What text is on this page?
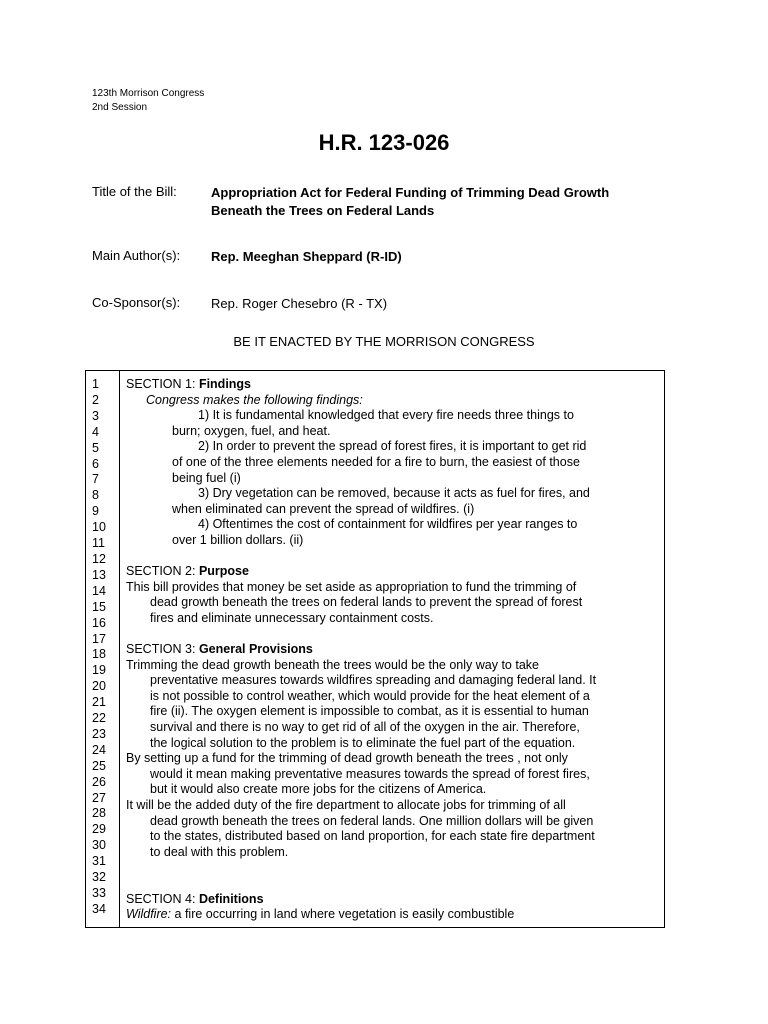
123th Morrison Congress
2nd Session
H.R. 123-026
Title of the Bill:	Appropriation Act for Federal Funding of Trimming Dead Growth
Beneath the Trees on Federal Lands
Main Author(s): Rep. Meeghan Sheppard (R-ID)
Co-Sponsor(s): Rep. Roger Chesebro (R - TX)
BE IT ENACTED BY THE MORRISON CONGRESS
1
2
3
4
5
6
7
8
9
10
11
12
13
14
15
16
17
18
19
20
21
22
23
24
25
26
27
28
29
30
31
32
33
34
SECTION 1: Findings
Congress makes the following findings:
1) It is fundamental knowledged that every fire needs three things to
burn; oxygen, fuel, and heat.
2) In order to prevent the spread of forest fires, it is important to get rid
of one of the three elements needed for a fire to burn, the easiest of those
being fuel (i)
3) Dry vegetation can be removed, because it acts as fuel for fires, and
when eliminated can prevent the spread of wildfires. (i)
4) Oftentimes the cost of containment for wildfires per year ranges to
over 1 billion dollars. (ii)
SECTION 2: Purpose
This bill provides that money be set aside as appropriation to fund the trimming of
dead growth beneath the trees on federal lands to prevent the spread of forest
fires and eliminate unnecessary containment costs.
SECTION 3: General Provisions
Trimming the dead growth beneath the trees would be the only way to take
preventative measures towards wildfires spreading and damaging federal land. It
is not possible to control weather, which would provide for the heat element of a
fire (ii). The oxygen element is impossible to combat, as it is essential to human
survival and there is no way to get rid of all of the oxygen in the air. Therefore,
the logical solution to the problem is to eliminate the fuel part of the equation.
By setting up a fund for the trimming of dead growth beneath the trees , not only
would it mean making preventative measures towards the spread of forest fires,
but it would also create more jobs for the citizens of America.
It will be the added duty of the fire department to allocate jobs for trimming of all
dead growth beneath the trees on federal lands. One million dollars will be given
to the states, distributed based on land proportion, for each state fire department
to deal with this problem.
SECTION 4: Definitions
Wildfire: a fire occurring in land where vegetation is easily combustible
